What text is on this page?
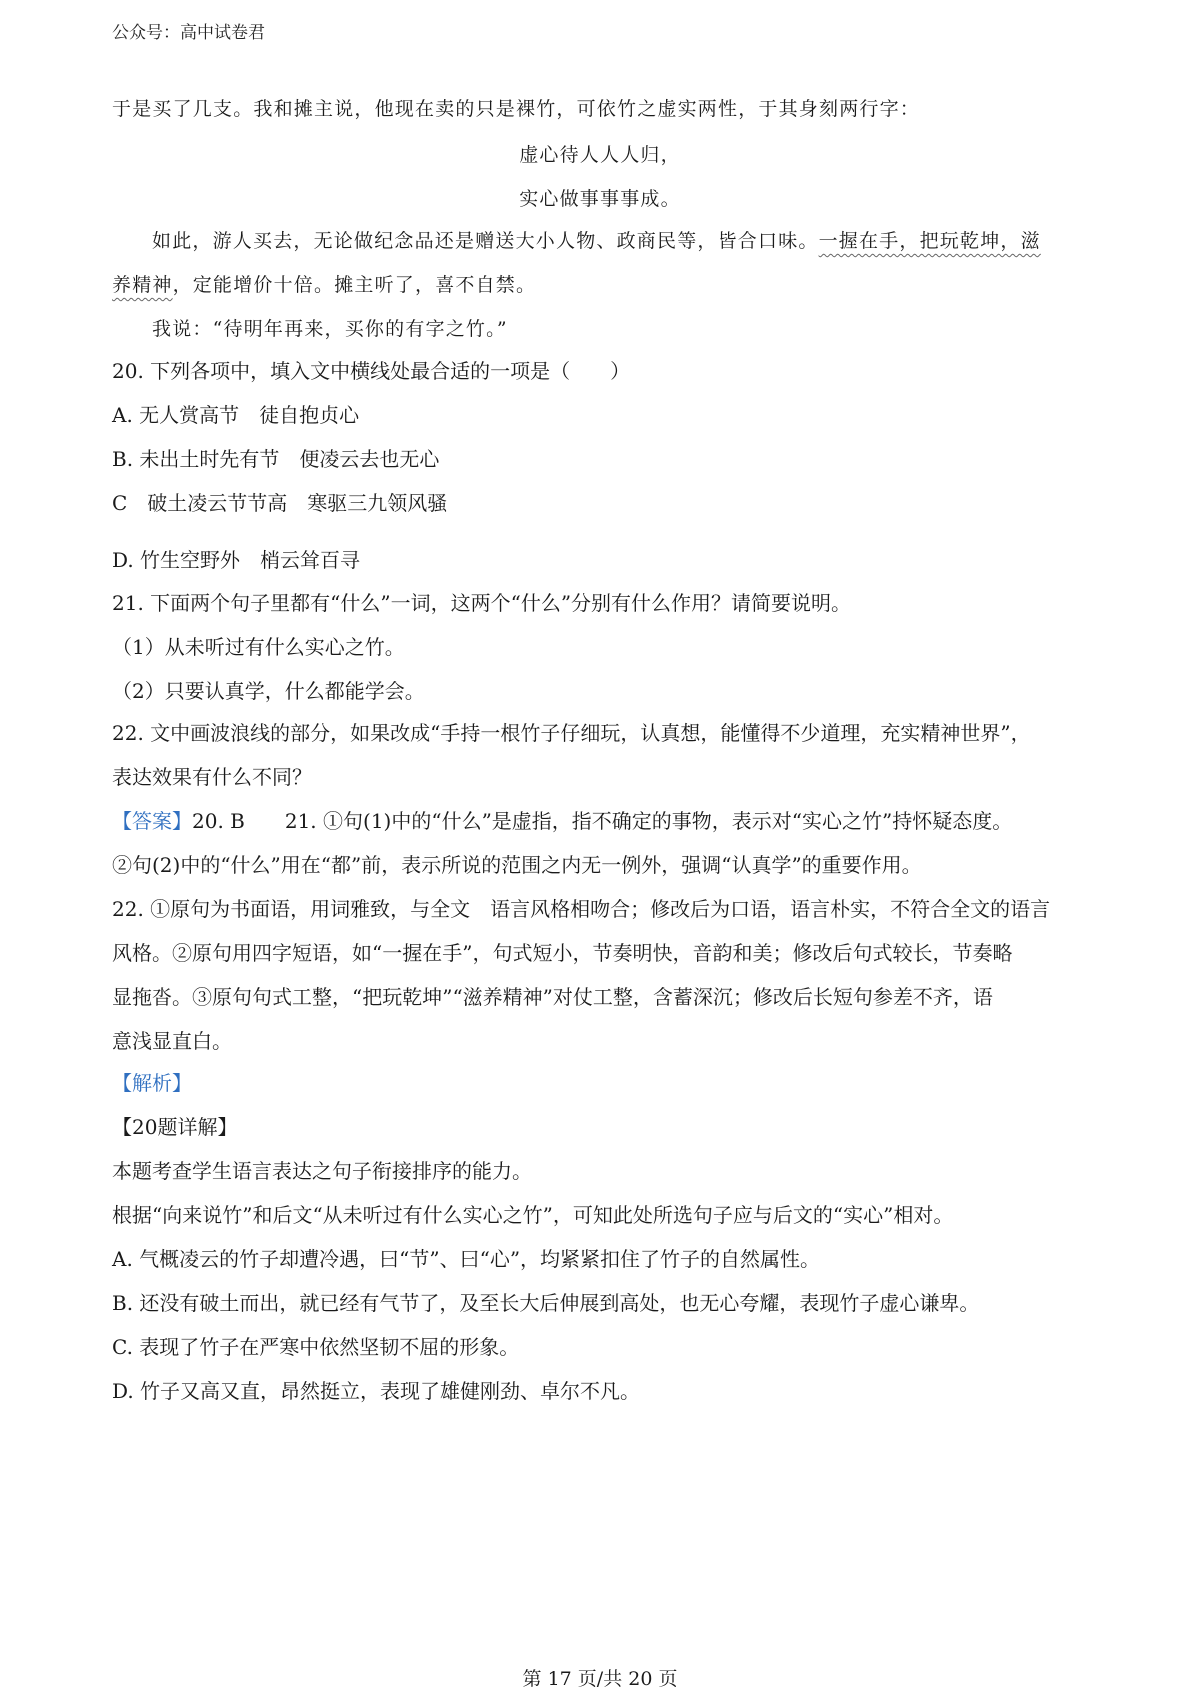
公众号：高中试卷君
于是买了几支。我和摊主说，他现在卖的只是裸竹，可依竹之虚实两性，于其身刻两行字：
虚心待人人人归，
实心做事事事成。
如此，游人买去，无论做纪念品还是赠送大小人物、政商民等，皆合口味。一握在手，把玩乾坤，滋
养精神，定能增价十倍。摊主听了，喜不自禁。
我说：“待明年再来，买你的有字之竹。”
20. 下列各项中，填入文中横线处最合适的一项是（　　）
A. 无人赏高节　徒自抱贞心
B. 未出土时先有节　便凌云去也无心
C　破土凌云节节高　寒驱三九领风骚
D. 竹生空野外　梢云耸百寻
21. 下面两个句子里都有“什么”一词，这两个“什么”分别有什么作用？请简要说明。
（1）从未听过有什么实心之竹。
（2）只要认真学，什么都能学会。
22. 文中画波浪线的部分，如果改成“手持一根竹子仔细玩，认真想，能懂得不少道理，充实精神世界”，
表达效果有什么不同？
【答案】20. B　　21. ①句(1)中的“什么”是虚指，指不确定的事物，表示对“实心之竹”持怀疑态度。
②句(2)中的“什么”用在“都”前，表示所说的范围之内无一例外，强调“认真学”的重要作用。
22. ①原句为书面语，用词雅致，与全文　语言风格相吻合；修改后为口语，语言朴实，不符合全文的语言
风格。②原句用四字短语，如“一握在手”，句式短小，节奏明快，音韵和美；修改后句式较长，节奏略
显拖沓。③原句句式工整，“把玩乾坤”“滋养精神”对仗工整，含蓄深沉；修改后长短句参差不齐，语
意浅显直白。
【解析】
【20题详解】
本题考查学生语言表达之句子衔接排序的能力。
根据“向来说竹”和后文“从未听过有什么实心之竹”，可知此处所选句子应与后文的“实心”相对。
A. 气概凌云的竹子却遭冷遇，曰“节”、曰“心”，均紧紧扣住了竹子的自然属性。
B. 还没有破土而出，就已经有气节了，及至长大后伸展到高处，也无心夸耀，表现竹子虚心谦卑。
C. 表现了竹子在严寒中依然坚韧不屈的形象。
D. 竹子又高又直，昂然挺立，表现了雄健刚劲、卓尔不凡。
第 17 页/共 20 页
